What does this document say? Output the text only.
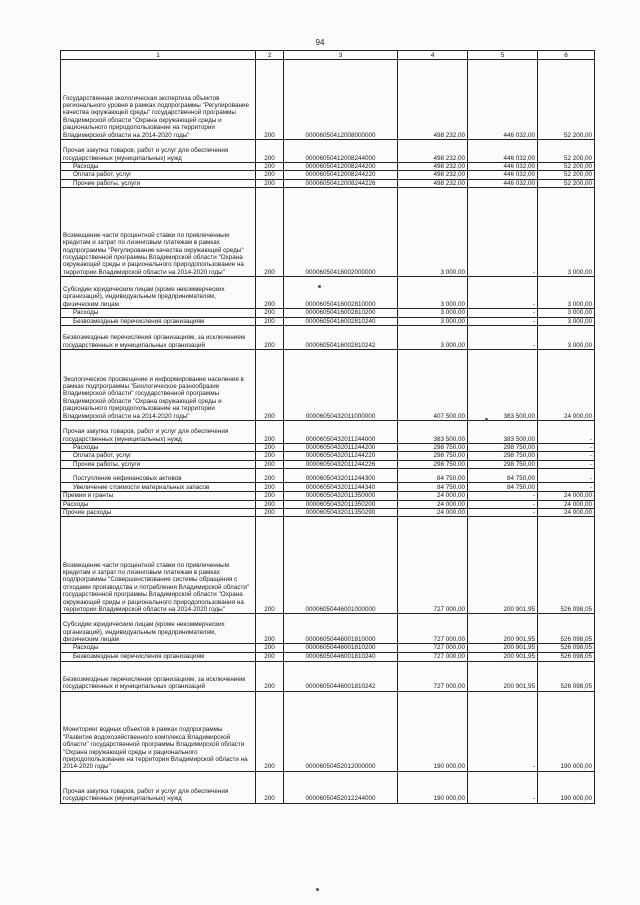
94
1	2	3	4	5	6
Государственная экологическая экспертиза объектов регионального уровня в рамках подпрограммы "Регулирование качества окружающей среды" государственной программы Владимирской области "Охрана окружающей среды и рационального природопользование на территории Владимирской области на 2014-2020 годы"	200	00006050412008000000	498 232,00	446 032,00	52 200,00
Прочая закупка товаров, работ и услуг для обеспечения государственных (муниципальных) нужд	200	00006050412008244000	498 232,00	446 032,00	52 200,00
Расходы	200	00006050412008244200	498 232,00	446 032,00	52 200,00
Оплата работ, услуг	200	00006050412008244220	498 232,00	446 032,00	52 200,00
Прочие работы, услуги	200	00006050412008244226	498 232,00	446 032,00	52 200,00
Возмещение части процентной ставки по привлеченным кредитам и затрат по лизинговым платежам в рамках подпрограммы "Регулирование качества окружающей среды" государственной программы Владимирской области "Охрана окружающей среды и рационального природопользование на территории Владимирской области на 2014-2020 годы"	200	00006050416002000000	3 000,00	-	3 000,00
Субсидии юридическим лицам (кроме некоммерческих организаций), индивидуальным предпринимателям, физическим лицам	200	00006050416002810000	3 000,00	-	3 000,00
Расходы	200	00006050416002810200	3 000,00	-	3 000,00
Безвозмездные перечисления организациям	200	00006050416002810240	3 000,00	-	3 000,00
Безвозмездные перечисления организациям, за исключением государственных и муниципальных организаций	200	00006050416002810242	3 000,00	-	3 000,00
Экологическое просвещение и информирование населения в рамках подпрограммы "Биологическое разнообразие Владимирской области" государственной программы Владимирской области "Охрана окружающей среды и рационального природопользование на территории Владимирской области на 2014-2020 годы"	200	00006050432011000000	407 500,00	383 500,00	24 000,00
Прочая закупка товаров, работ и услуг для обеспечения государственных (муниципальных) нужд	200	00006050432011244000	383 500,00	383 500,00	-
Расходы	200	00006050432011244200	298 750,00	298 750,00	-
Оплата работ, услуг	200	00006050432011244220	298 750,00	298 750,00	-
Прочие работы, услуги	200	00006050432011244226	298 750,00	298 750,00	-
Поступление нефинансовых активов	200	00006050432011244300	84 750,00	84 750,00	-
Увеличение стоимости материальных запасов	200	00006050432011244340	84 750,00	84 750,00	-
Премии и гранты	200	00006050432011350000	24 000,00	-	24 000,00
Расходы	200	00006050432011350200	24 000,00	-	24 000,00
Прочие расходы	200	00006050432011350290	24 000,00	-	24 000,00
Возмещение части процентной ставки по привлеченным кредитам и затрат по лизинговым платежам в рамках подпрограммы "Совершенствование системы обращения с отходами производства и потребления Владимирской области" государственной программы Владимирской области "Охрана окружающей среды и рационального природопользования на территории Владимирской области на 2014-2020 годы"	200	00006050446001000000	727 000,00	200 901,95	526 098,05
Субсидии юридическим лицам (кроме некоммерческих организаций), индивидуальным предпринимателям, физическим лицам	200	00006050446001810000	727 000,00	200 901,95	526 098,05
Расходы	200	00006050446001810200	727 000,00	200 901,95	526 098,05
Безвозмездные перечисления организациям	200	00006050446001810240	727 000,00	200 901,95	526 098,05
Безвозмездные перечисления организациям, за исключением государственных и муниципальных организаций	200	00006050446001810242	727 000,00	200 901,95	526 098,05
Мониторинг водных объектов в рамках подпрограммы "Развитие водохозяйственного комплекса Владимирской области" государственной программы Владимирской области "Охрана окружающей среды и рационального природопользование на территории Владимирской области на 2014-2020 годы"	200	00006050452012000000	190 000,00	-	190 000,00
Прочая закупка товаров, работ и услуг для обеспечения государственных (муниципальных) нужд	200	00006050452012244000	190 000,00	-	190 000,00
